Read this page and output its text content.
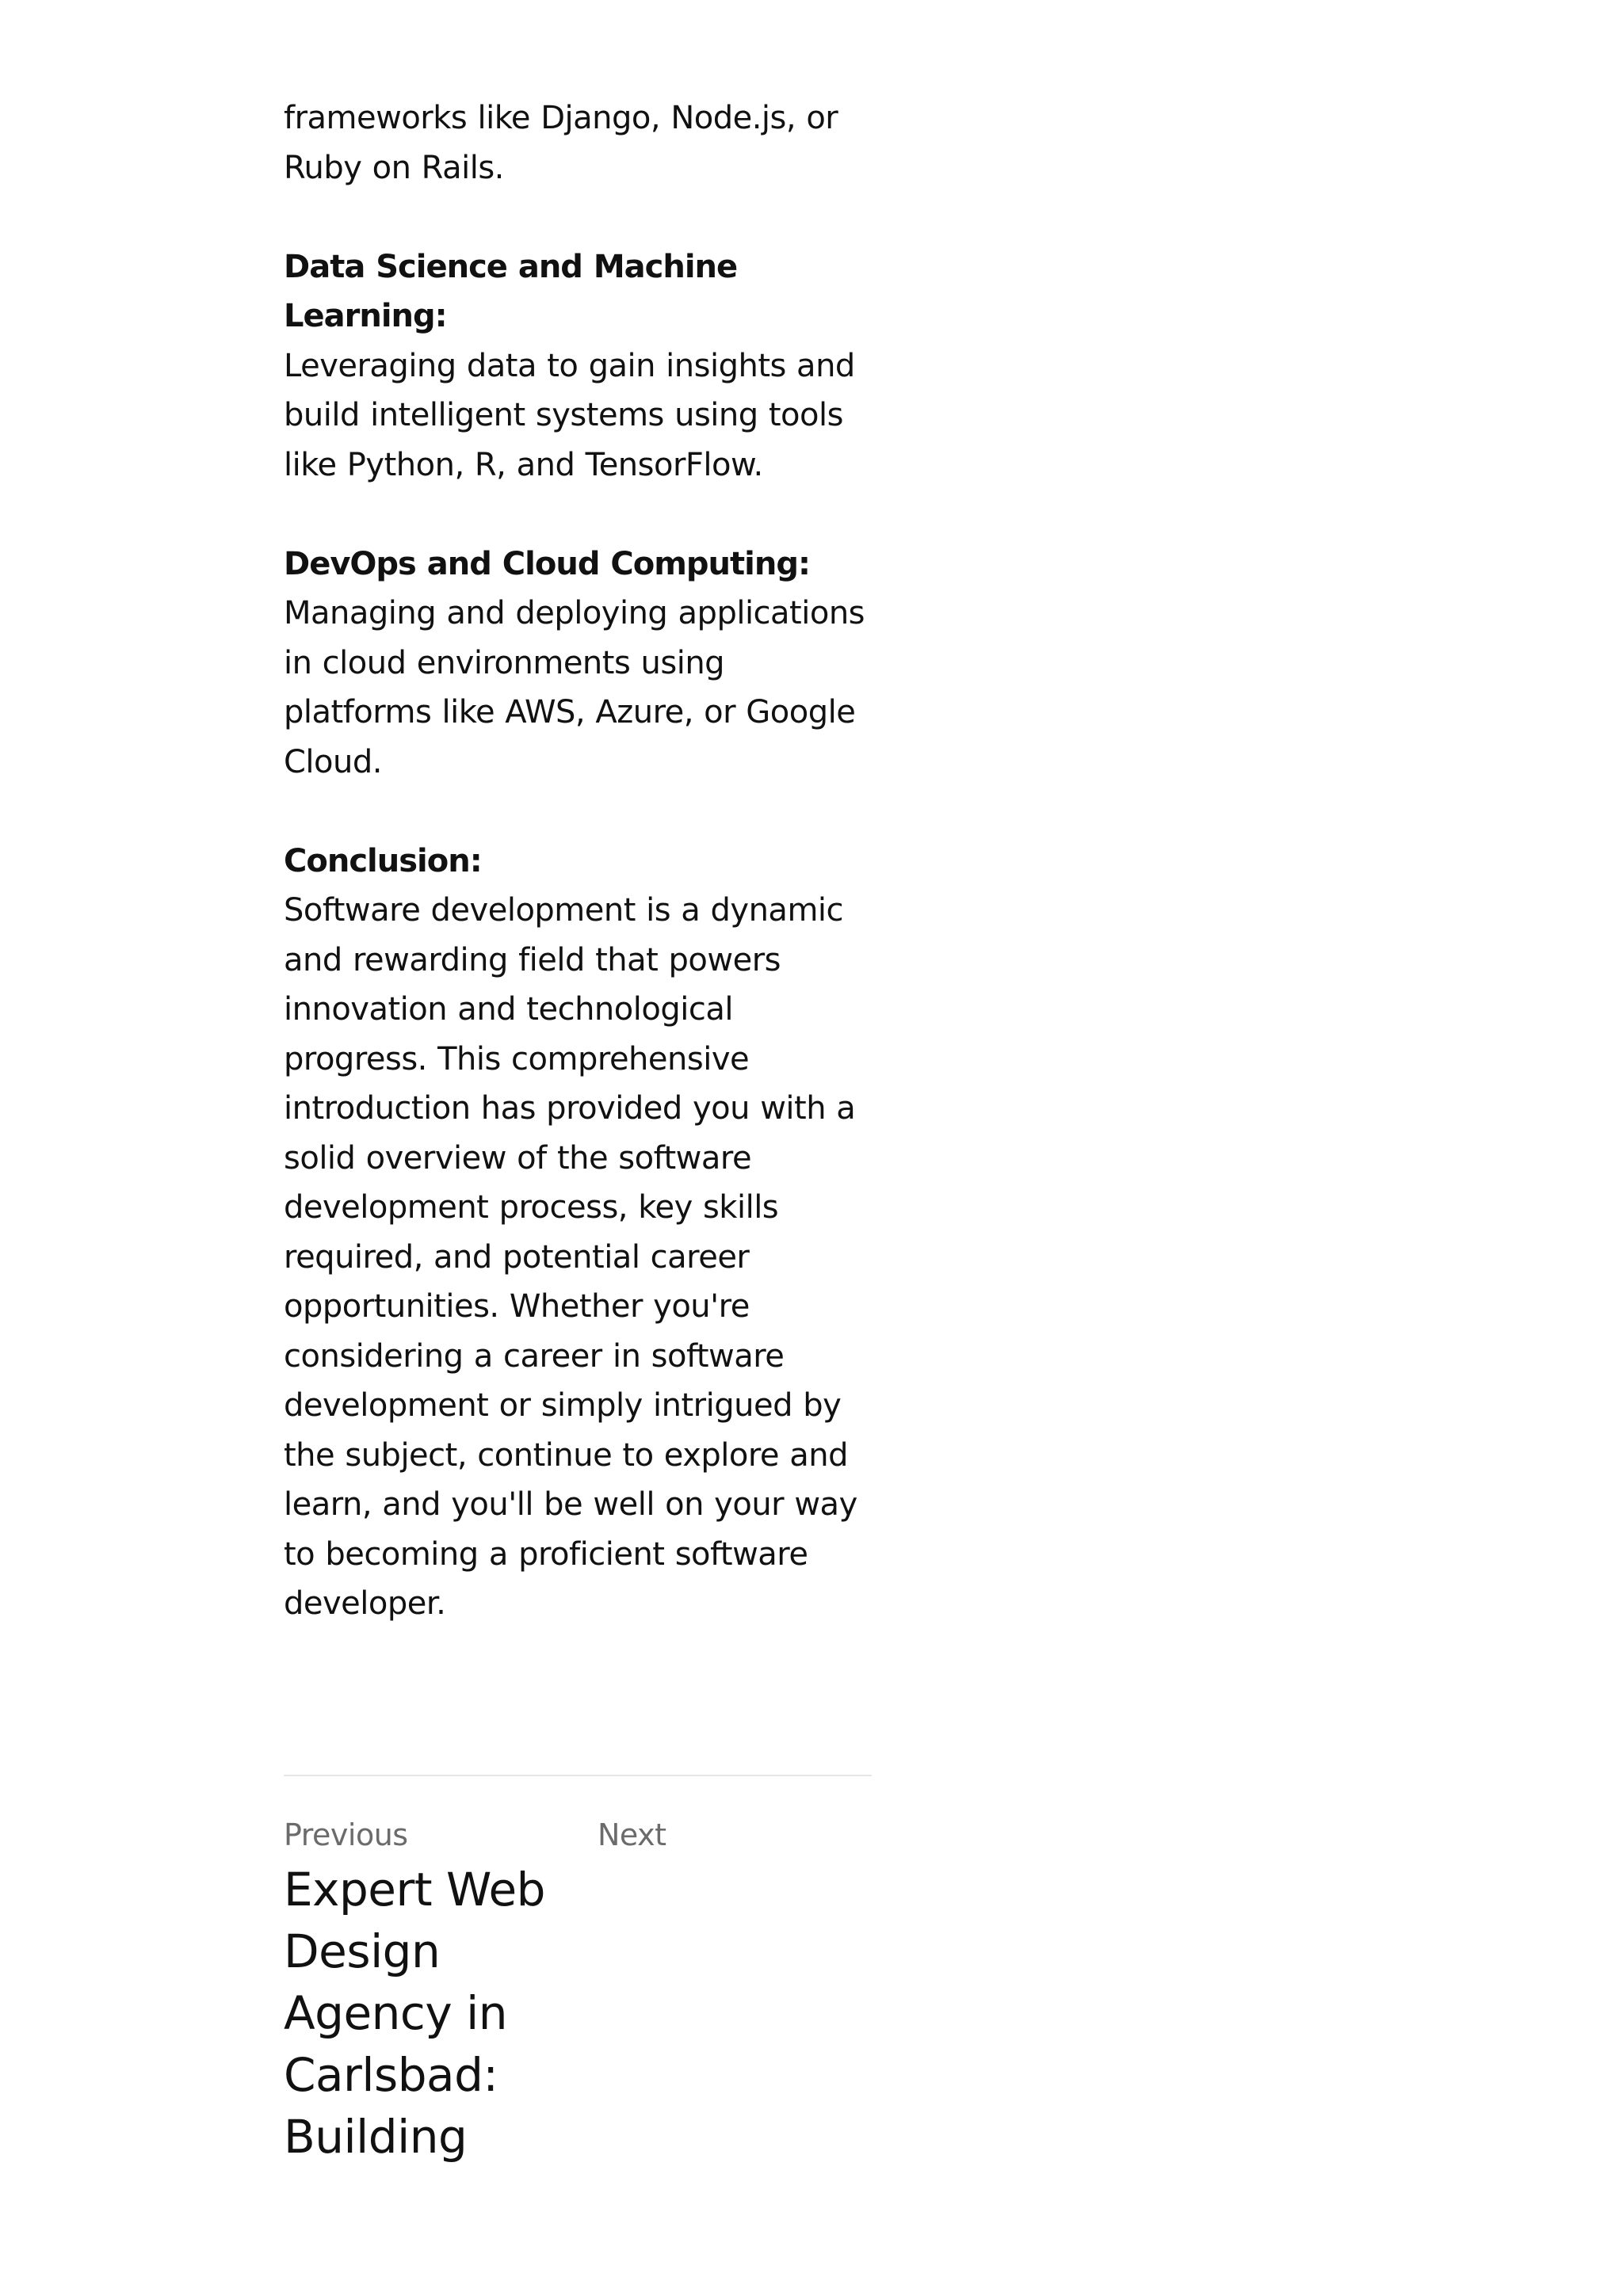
frameworks like Django, Node.js, or Ruby on Rails.

Data Science and Machine Learning:
Leveraging data to gain insights and build intelligent systems using tools like Python, R, and TensorFlow.

DevOps and Cloud Computing:
Managing and deploying applications in cloud environments using platforms like AWS, Azure, or Google Cloud.

Conclusion:
Software development is a dynamic and rewarding field that powers innovation and technological progress. This comprehensive introduction has provided you with a solid overview of the software development process, key skills required, and potential career opportunities. Whether you're considering a career in software development or simply intrigued by the subject, continue to explore and learn, and you'll be well on your way to becoming a proficient software developer.

Previous
Expert Web Design Agency in Carlsbad: Building
Next
